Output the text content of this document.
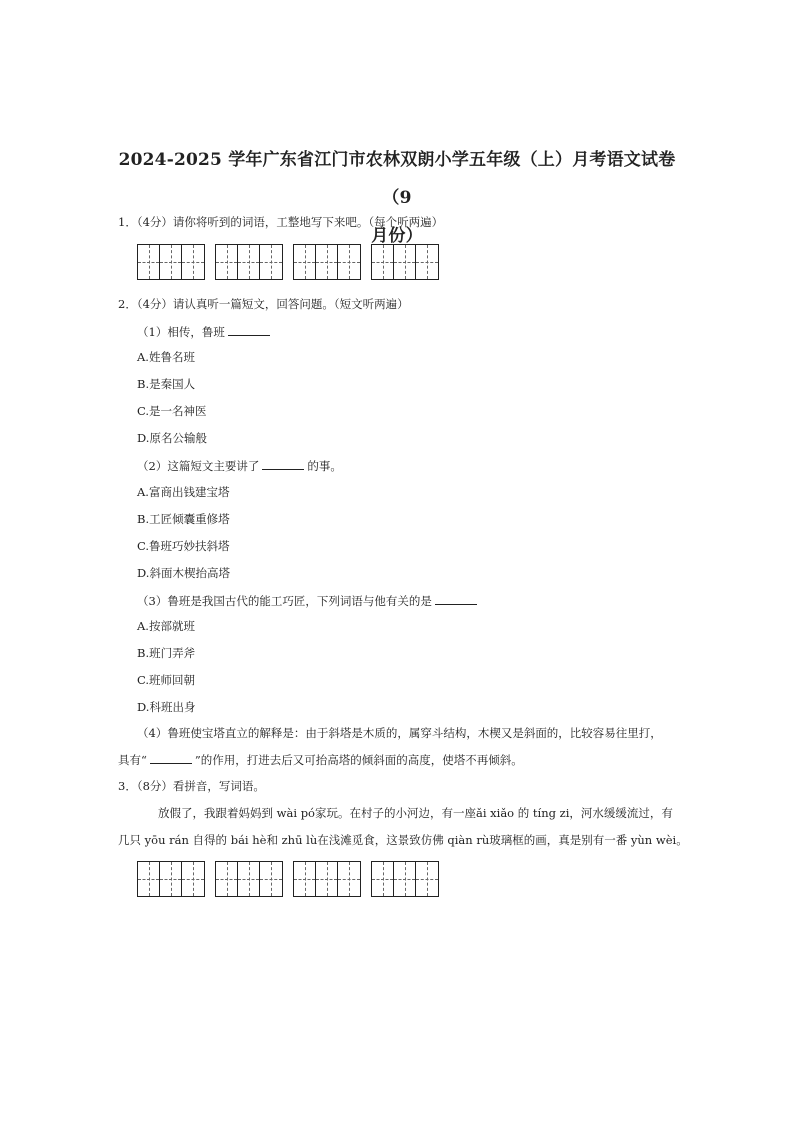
2024-2025 学年广东省江门市农林双朗小学五年级（上）月考语文试卷（9
月份）
1．（4分）请你将听到的词语，工整地写下来吧。（每个听两遍）
2．（4分）请认真听一篇短文，回答问题。（短文听两遍）
（1）相传，鲁班
A.姓鲁名班
B.是秦国人
C.是一名神医
D.原名公输般
（2）这篇短文主要讲了	的事。
A.富商出钱建宝塔
B.工匠倾囊重修塔
C.鲁班巧妙扶斜塔
D.斜面木楔抬高塔
（3）鲁班是我国古代的能工巧匠，下列词语与他有关的是
A.按部就班
B.班门弄斧
C.班师回朝
D.科班出身
（4）鲁班使宝塔直立的解释是：由于斜塔是木质的，属穿斗结构，木楔又是斜面的，比较容易往里打，
具有“	”的作用，打进去后又可抬高塔的倾斜面的高度，使塔不再倾斜。
3．（8分）看拼音，写词语。
放假了，我跟着妈妈到 wài pó家玩。在村子的小河边，有一座ǎi xiǎo 的 tíng zi，河水缓缓流过，有
几只 yōu rán 自得的 bái hè和 zhū lù在浅滩觅食，这景致仿佛 qiàn rù玻璃框的画，真是别有一番 yùn wèi。
